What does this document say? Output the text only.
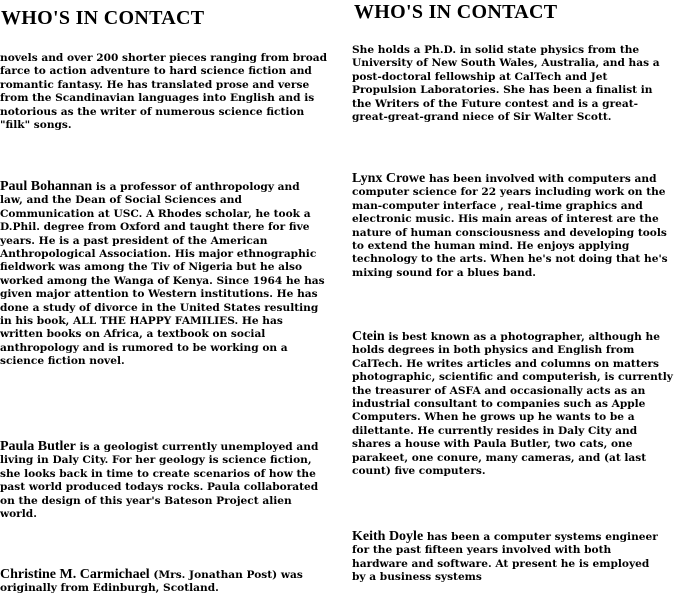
WHO'S IN CONTACT

novels and over 200 shorter pieces ranging from broad farce to action adventure to hard science fiction and romantic fantasy. He has translated prose and verse from the Scandinavian languages into English and is notorious as the writer of numerous science fiction "filk" songs.

Paul Bohannan is a professor of anthropology and law, and the Dean of Social Sciences and Communication at USC. A Rhodes scholar, he took a D.Phil. degree from Oxford and taught there for five years. He is a past president of the American Anthropological Association. His major ethnographic fieldwork was among the Tiv of Nigeria but he also worked among the Wanga of Kenya. Since 1964 he has given major attention to Western institutions. He has done a study of divorce in the United States resulting in his book, ALL THE HAPPY FAMILIES. He has written books on Africa, a textbook on social anthropology and is rumored to be working on a science fiction novel.

Paula Butler is a geologist currently unemployed and living in Daly City. For her geology is science fiction, she looks back in time to create scenarios of how the past world produced todays rocks. Paula collaborated on the design of this year's Bateson Project alien world.

Christine M. Carmichael (Mrs. Jonathan Post) was originally from Edinburgh, Scotland.

WHO'S IN CONTACT

She holds a Ph.D. in solid state physics from the University of New South Wales, Australia, and has a post-doctoral fellowship at CalTech and Jet Propulsion Laboratories. She has been a finalist in the Writers of the Future contest and is a great-great-great-grand niece of Sir Walter Scott.

Lynx Crowe has been involved with computers and computer science for 22 years including work on the man-computer interface , real-time graphics and electronic music. His main areas of interest are the nature of human consciousness and developing tools to extend the human mind. He enjoys applying technology to the arts. When he's not doing that he's mixing sound for a blues band.

Ctein is best known as a photographer, although he holds degrees in both physics and English from CalTech. He writes articles and columns on matters photographic, scientific and computerish, is currently the treasurer of ASFA and occasionally acts as an industrial consultant to companies such as Apple Computers. When he grows up he wants to be a dilettante. He currently resides in Daly City and shares a house with Paula Butler, two cats, one parakeet, one conure, many cameras, and (at last count) five computers.

Keith Doyle has been a computer systems engineer for the past fifteen years involved with both hardware and software. At present he is employed by a business systems
